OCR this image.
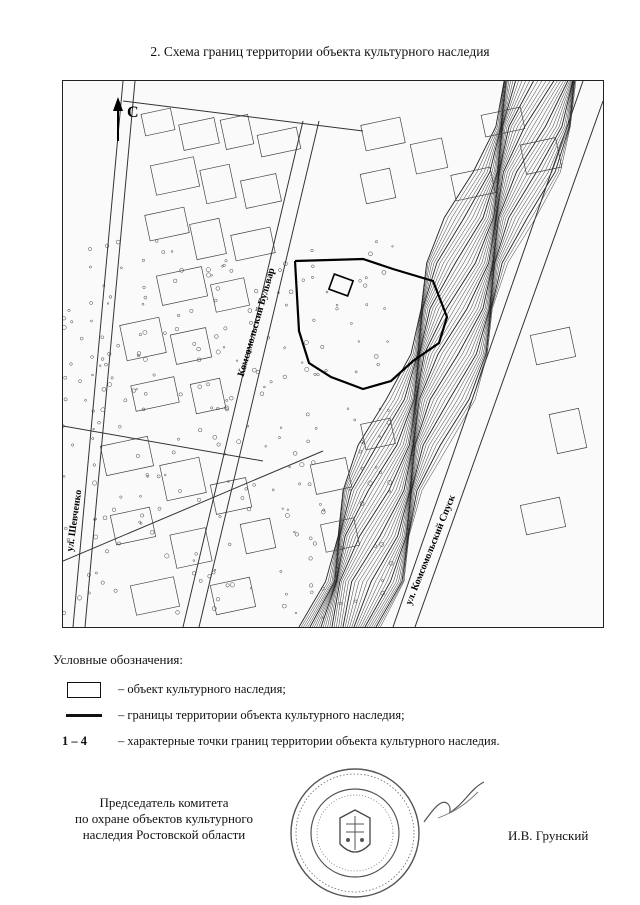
2. Схема границ территории объекта культурного наследия
С
Комсомольский Бульвар
ул. Комсомольский Спуск
ул. Шевченко
Условные обозначения:
– объект культурного наследия;
– границы территории объекта культурного наследия;
1 – 4 – характерные точки границ территории объекта культурного наследия.
Председатель комитета
по охране объектов культурного
наследия Ростовской области	И.В. Грунский
